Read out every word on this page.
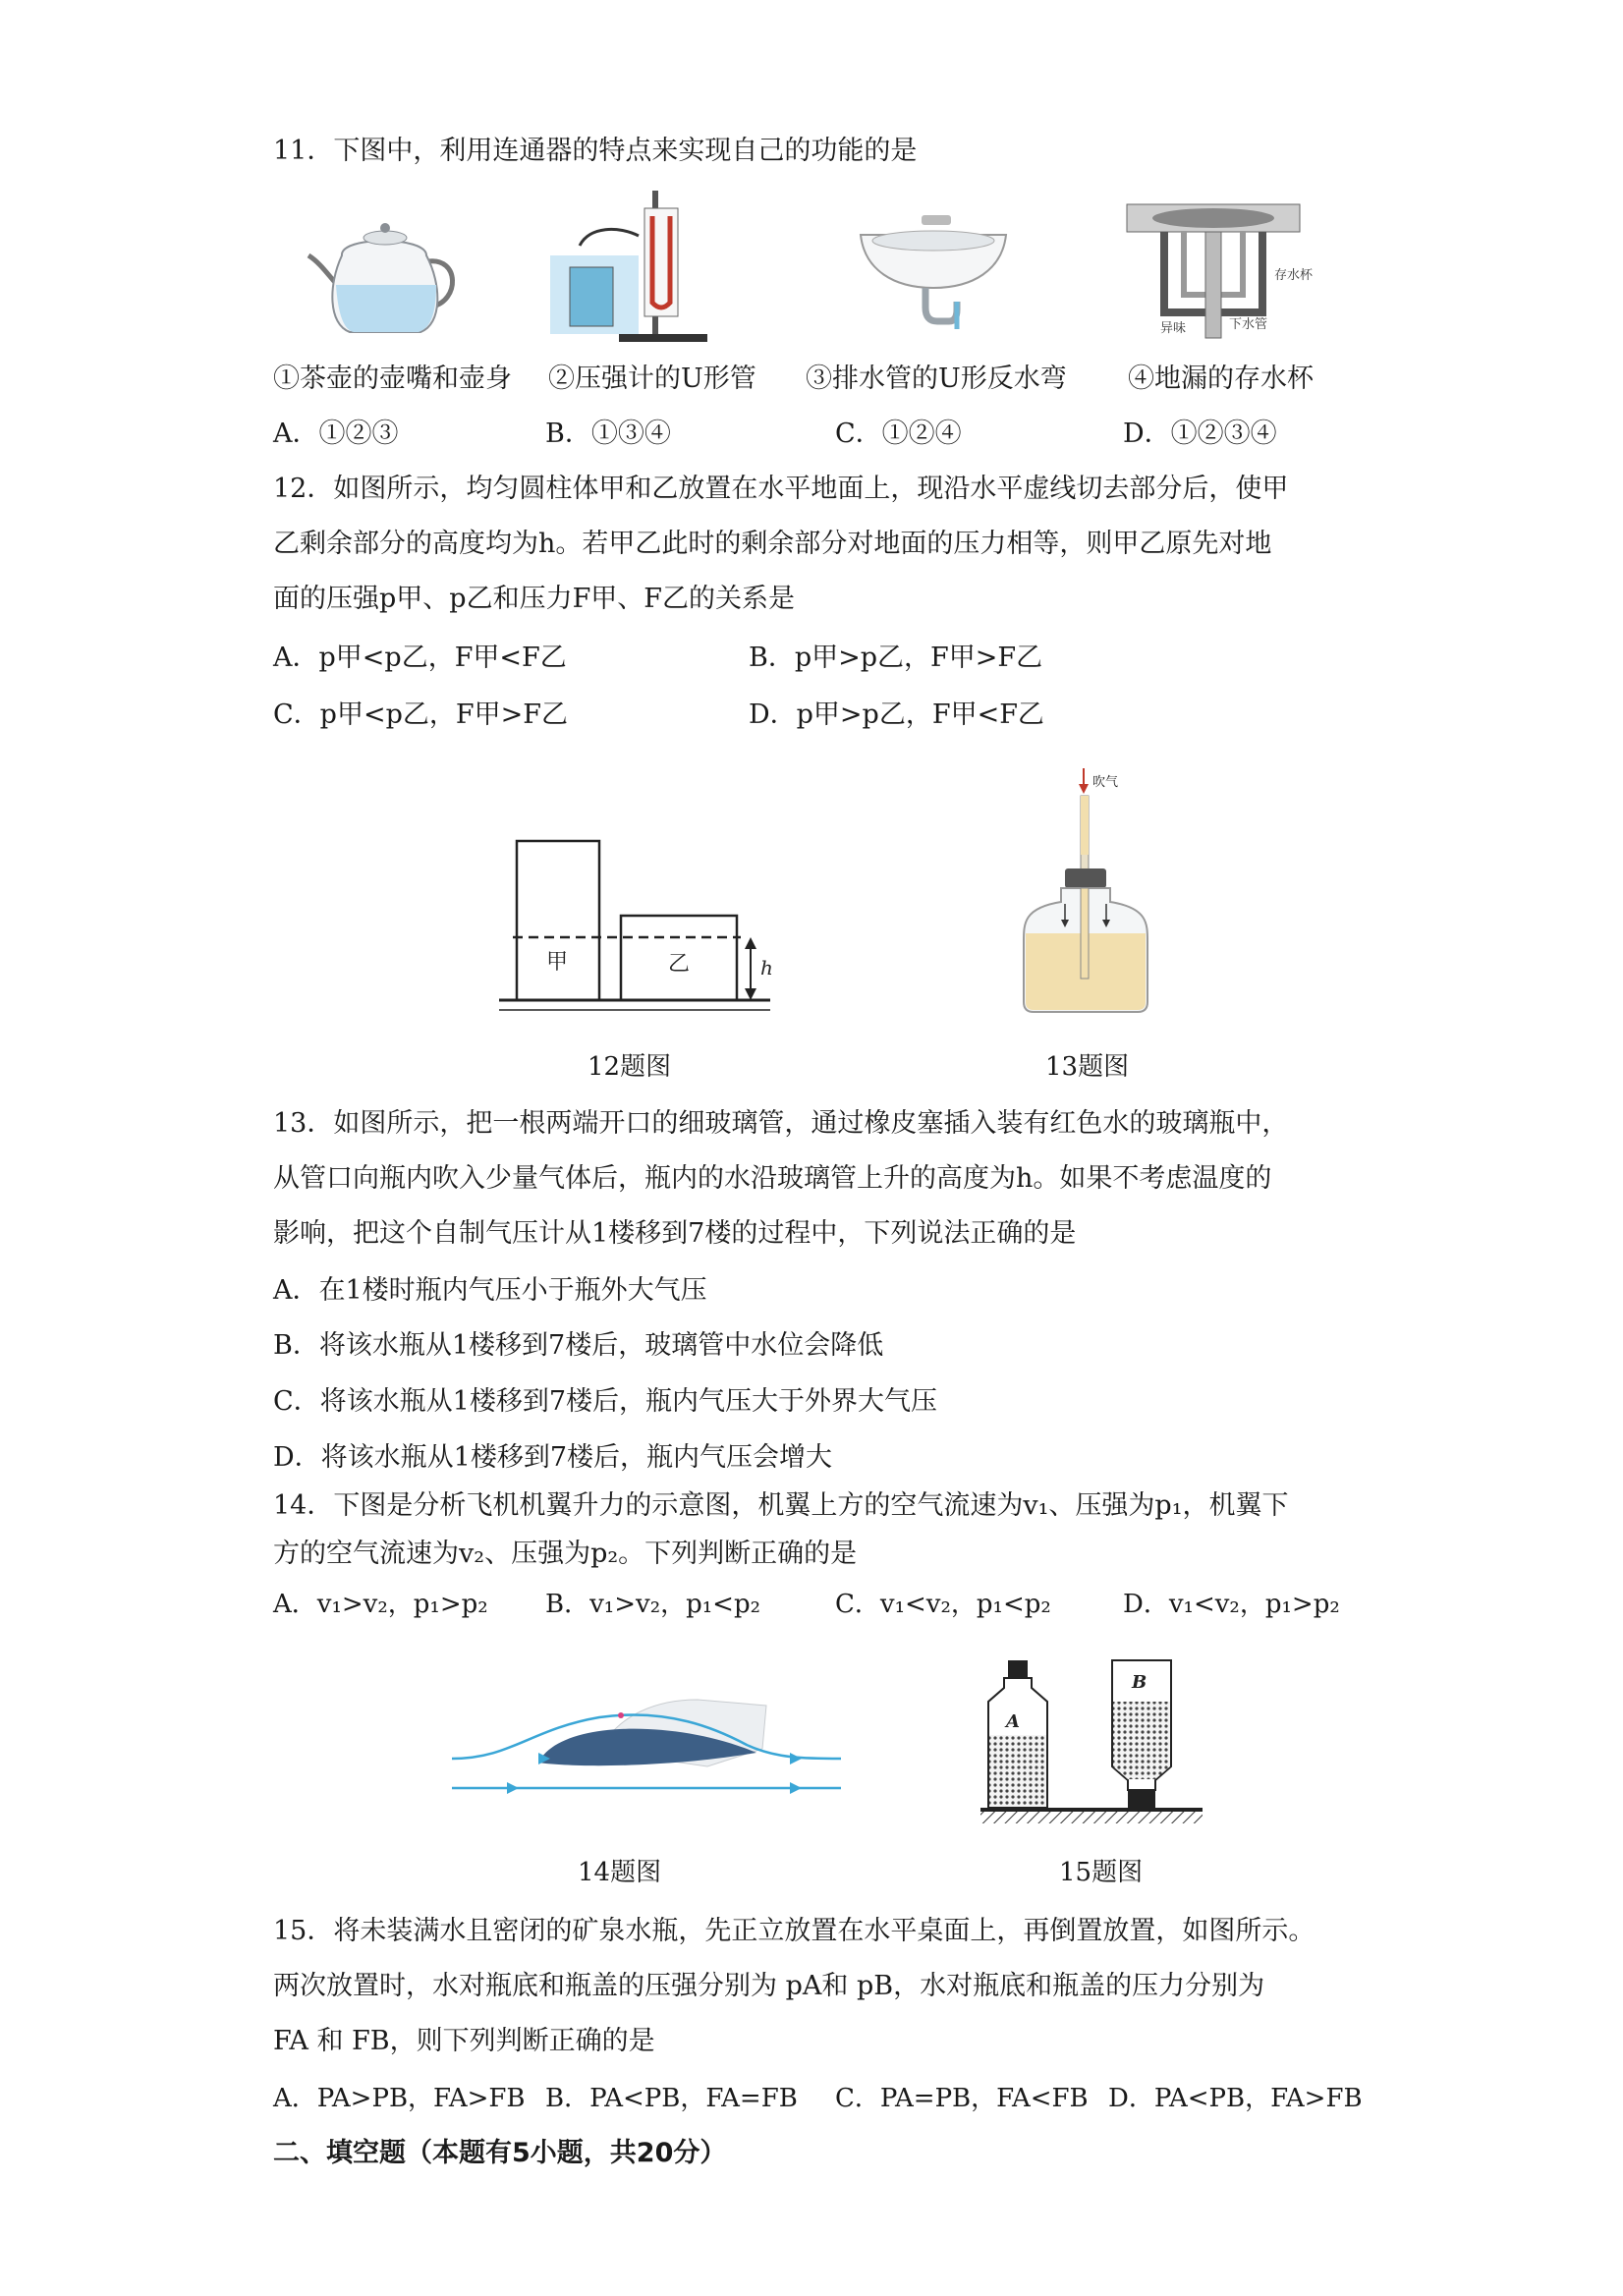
11．下图中，利用连通器的特点来实现自己的功能的是
存水杯
异味	下水管
①茶壶的壶嘴和壶身 ②压强计的U形管 ③排水管的U形反水弯 ④地漏的存水杯
A．①②③	B．①③④	C．①②④	D．①②③④
12．如图所示，均匀圆柱体甲和乙放置在水平地面上，现沿水平虚线切去部分后，使甲
乙剩余部分的高度均为h。若甲乙此时的剩余部分对地面的压力相等，则甲乙原先对地
面的压强p甲、p乙和压力F甲、F乙的关系是
A．p甲<p乙，F甲<F乙	B．p甲>p乙，F甲>F乙
C．p甲<p乙，F甲>F乙	D．p甲>p乙，F甲<F乙
甲	乙	h
12题图
吹气
13题图
13．如图所示，把一根两端开口的细玻璃管，通过橡皮塞插入装有红色水的玻璃瓶中，
从管口向瓶内吹入少量气体后，瓶内的水沿玻璃管上升的高度为h。如果不考虑温度的
影响，把这个自制气压计从1楼移到7楼的过程中，下列说法正确的是
A．在1楼时瓶内气压小于瓶外大气压
B．将该水瓶从1楼移到7楼后，玻璃管中水位会降低
C．将该水瓶从1楼移到7楼后，瓶内气压大于外界大气压
D．将该水瓶从1楼移到7楼后，瓶内气压会增大
14．下图是分析飞机机翼升力的示意图，机翼上方的空气流速为v₁、压强为p₁，机翼下
方的空气流速为v₂、压强为p₂。下列判断正确的是
A．v₁>v₂，p₁>p₂ B．v₁>v₂，p₁<p₂	C．v₁<v₂，p₁<p₂	D．v₁<v₂，p₁>p₂
14题图
A
B
15题图
15．将未装满水且密闭的矿泉水瓶，先正立放置在水平桌面上，再倒置放置，如图所示。
两次放置时，水对瓶底和瓶盖的压强分别为 pA和 pB，水对瓶底和瓶盖的压力分别为
FA 和 FB，则下列判断正确的是
A．PA>PB，FA>FB B．PA<PB，FA=FB C．PA=PB，FA<FB D．PA<PB，FA>FB
二、填空题（本题有5小题，共20分）
